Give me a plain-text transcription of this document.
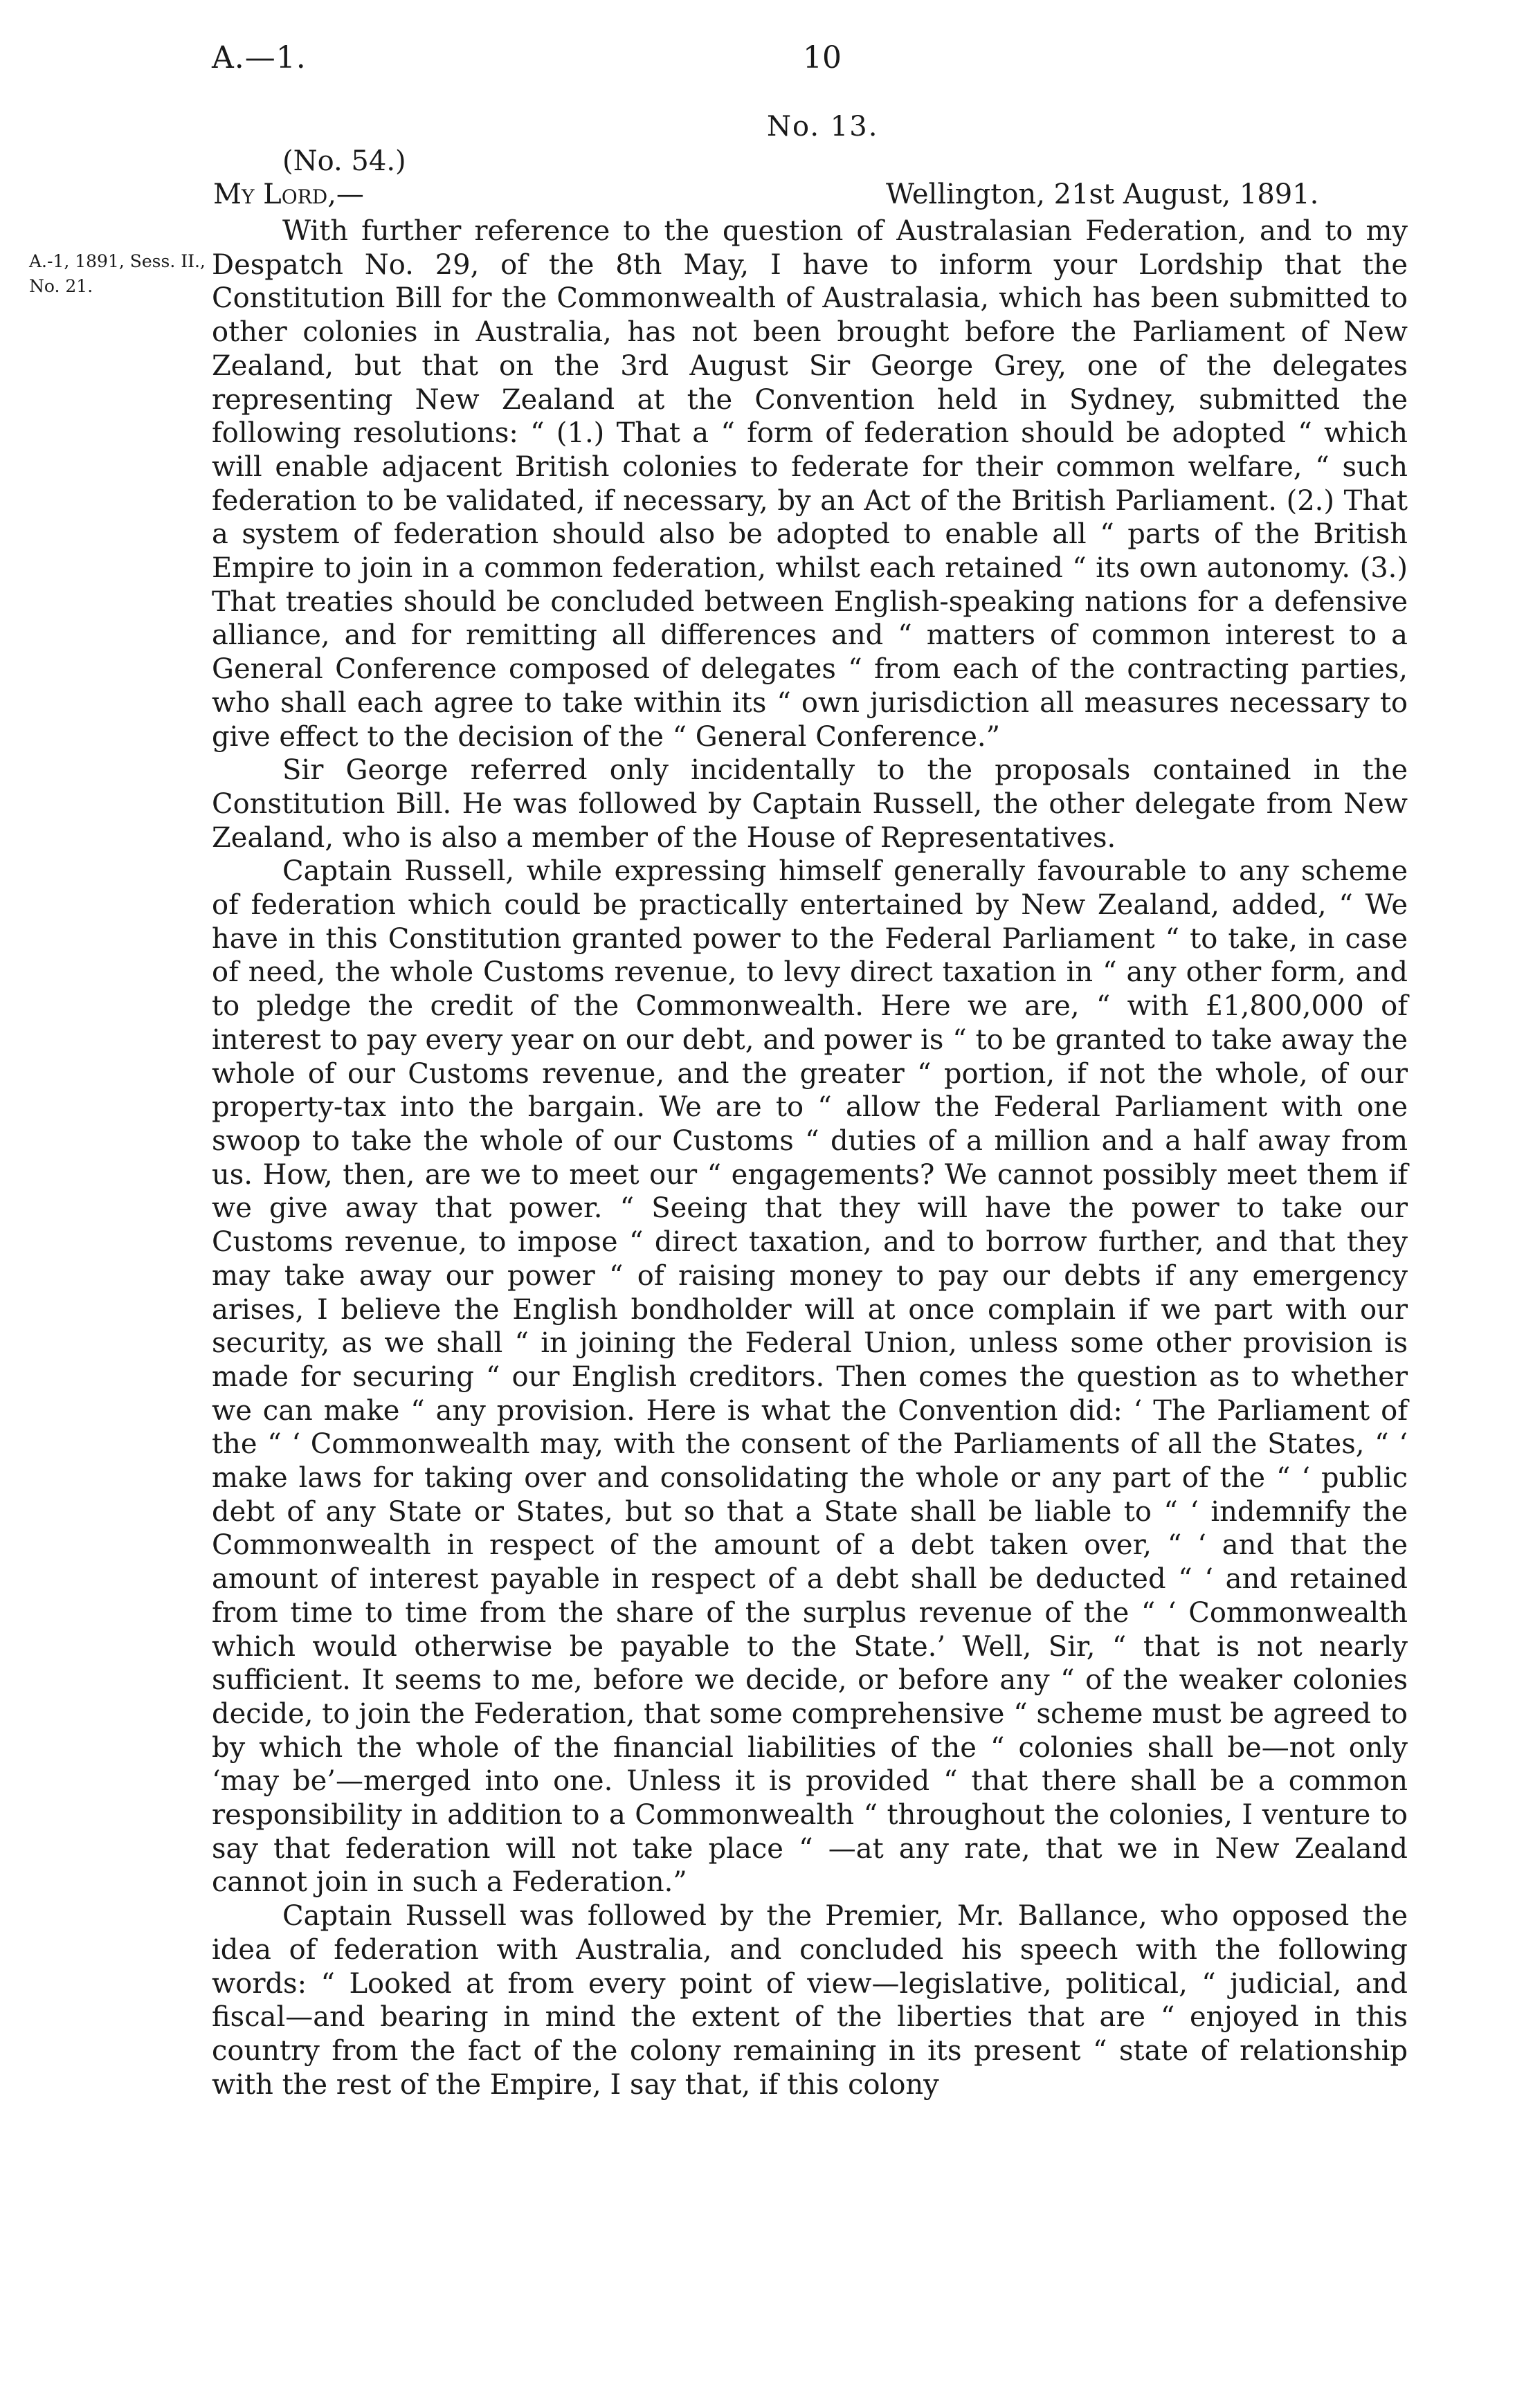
A.—1.	10
No. 13.
(No. 54.)
My Lord,—	Wellington, 21st August, 1891.
A.-1, 1891, Sess. II., No. 21.

With further reference to the question of Australasian Federation, and to my Despatch No. 29, of the 8th May, I have to inform your Lordship that the Constitution Bill for the Commonwealth of Australasia, which has been submitted to other colonies in Australia, has not been brought before the Parliament of New Zealand, but that on the 3rd August Sir George Grey, one of the delegates representing New Zealand at the Convention held in Sydney, submitted the following resolutions: “ (1.) That a “ form of federation should be adopted “ which will enable adjacent British colonies to federate for their common welfare, “ such federation to be validated, if necessary, by an Act of the British Parliament. (2.) That a system of federation should also be adopted to enable all “ parts of the British Empire to join in a common federation, whilst each retained “ its own autonomy. (3.) That treaties should be concluded between English-speaking nations for a defensive alliance, and for remitting all differences and “ matters of common interest to a General Conference composed of delegates “ from each of the contracting parties, who shall each agree to take within its “ own jurisdiction all measures necessary to give effect to the decision of the “ General Conference.”

Sir George referred only incidentally to the proposals contained in the Constitution Bill. He was followed by Captain Russell, the other delegate from New Zealand, who is also a member of the House of Representatives.

Captain Russell, while expressing himself generally favourable to any scheme of federation which could be practically entertained by New Zealand, added, “ We have in this Constitution granted power to the Federal Parliament “ to take, in case of need, the whole Customs revenue, to levy direct taxation in “ any other form, and to pledge the credit of the Commonwealth. Here we are, “ with £1,800,000 of interest to pay every year on our debt, and power is “ to be granted to take away the whole of our Customs revenue, and the greater “ portion, if not the whole, of our property-tax into the bargain. We are to “ allow the Federal Parliament with one swoop to take the whole of our Customs “ duties of a million and a half away from us. How, then, are we to meet our “ engagements? We cannot possibly meet them if we give away that power. “ Seeing that they will have the power to take our Customs revenue, to impose “ direct taxation, and to borrow further, and that they may take away our power “ of raising money to pay our debts if any emergency arises, I believe the English bondholder will at once complain if we part with our security, as we shall “ in joining the Federal Union, unless some other provision is made for securing “ our English creditors. Then comes the question as to whether we can make “ any provision. Here is what the Convention did: ‘ The Parliament of the “ ‘ Commonwealth may, with the consent of the Parliaments of all the States, “ ‘ make laws for taking over and consolidating the whole or any part of the “ ‘ public debt of any State or States, but so that a State shall be liable to “ ‘ indemnify the Commonwealth in respect of the amount of a debt taken over, “ ‘ and that the amount of interest payable in respect of a debt shall be deducted “ ‘ and retained from time to time from the share of the surplus revenue of the “ ‘ Commonwealth which would otherwise be payable to the State.’ Well, Sir, “ that is not nearly sufficient. It seems to me, before we decide, or before any “ of the weaker colonies decide, to join the Federation, that some comprehensive “ scheme must be agreed to by which the whole of the financial liabilities of the “ colonies shall be—not only ‘may be’—merged into one. Unless it is provided “ that there shall be a common responsibility in addition to a Commonwealth “ throughout the colonies, I venture to say that federation will not take place “ —at any rate, that we in New Zealand cannot join in such a Federation.”

Captain Russell was followed by the Premier, Mr. Ballance, who opposed the idea of federation with Australia, and concluded his speech with the following words: “ Looked at from every point of view—legislative, political, “ judicial, and fiscal—and bearing in mind the extent of the liberties that are “ enjoyed in this country from the fact of the colony remaining in its present “ state of relationship with the rest of the Empire, I say that, if this colony
